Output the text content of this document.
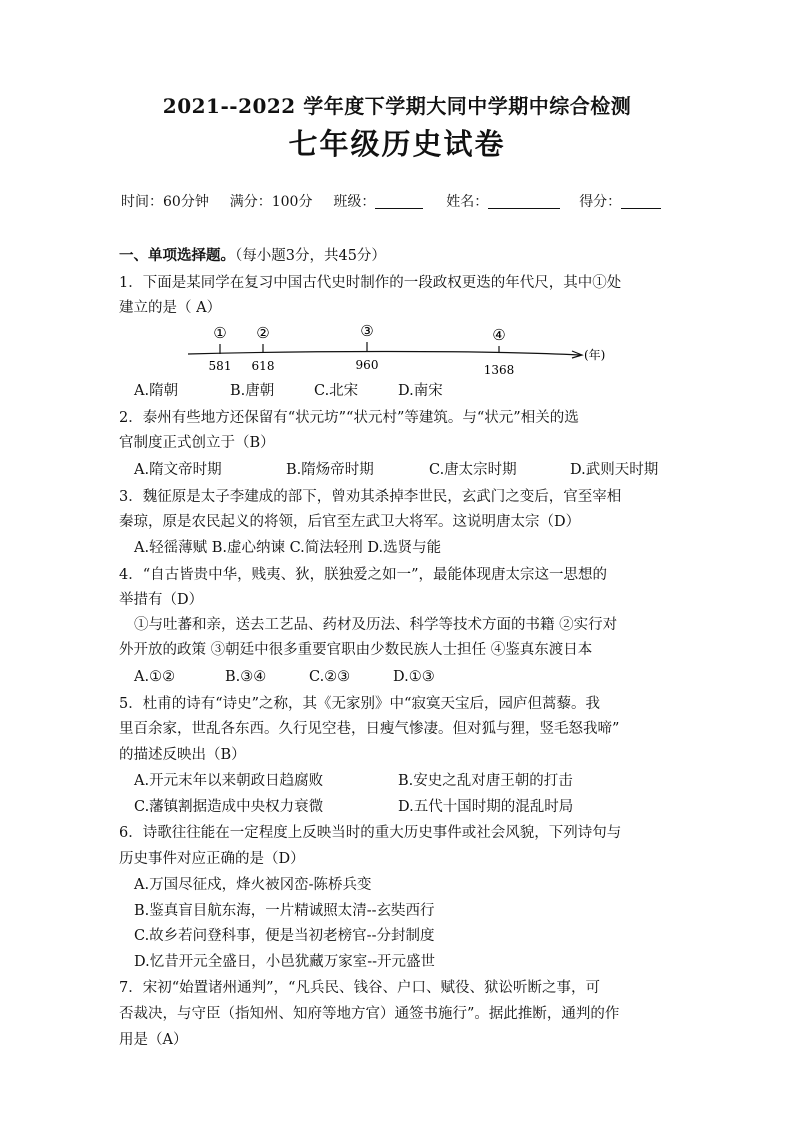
2021--2022 学年度下学期大同中学期中综合检测
七年级历史试卷
时间：60分钟 满分：100分 班级：	姓名：	得分：
一、单项选择题。（每小题3分，共45分）
1．下面是某同学在复习中国古代史时制作的一段政权更迭的年代尺，其中①处
建立的是（ A）
(年)
①
581
②
618
③
960
④
1368
A.隋朝	B.唐朝	C.北宋	D.南宋
2．泰州有些地方还保留有“状元坊”“状元村”等建筑。与“状元”相关的选
官制度正式创立于（B）
A.隋文帝时期	B.隋炀帝时期	C.唐太宗时期	D.武则天时期
3．魏征原是太子李建成的部下，曾劝其杀掉李世民，玄武门之变后，官至宰相
秦琼，原是农民起义的将领，后官至左武卫大将军。这说明唐太宗（D）
A.轻徭薄赋 B.虚心纳谏 C.简法轻刑 D.选贤与能
4．“自古皆贵中华，贱夷、狄，朕独爱之如一”，最能体现唐太宗这一思想的
举措有（D）
①与吐蕃和亲，送去工艺品、药材及历法、科学等技术方面的书籍 ②实行对
外开放的政策 ③朝廷中很多重要官职由少数民族人士担任 ④鉴真东渡日本
A.①②	B.③④	C.②③	D.①③
5．杜甫的诗有“诗史”之称，其《无家别》中“寂寞天宝后，园庐但蒿藜。我
里百余家，世乱各东西。久行见空巷，日瘦气惨凄。但对狐与狸，竖毛怒我啼”
的描述反映出（B）
A.开元末年以来朝政日趋腐败	B.安史之乱对唐王朝的打击
C.藩镇割据造成中央权力衰微	D.五代十国时期的混乱时局
6．诗歌往往能在一定程度上反映当时的重大历史事件或社会风貌，下列诗句与
历史事件对应正确的是（D）
A.万国尽征戍，烽火被冈峦-陈桥兵变
B.鉴真盲目航东海，一片精诚照太清--玄奘西行
C.故乡若问登科事，便是当初老榜官--分封制度
D.忆昔开元全盛日，小邑犹藏万家室--开元盛世
7．宋初“始置诸州通判”，“凡兵民、钱谷、户口、赋役、狱讼听断之事，可
否裁决，与守臣（指知州、知府等地方官）通签书施行”。据此推断，通判的作
用是（A）
